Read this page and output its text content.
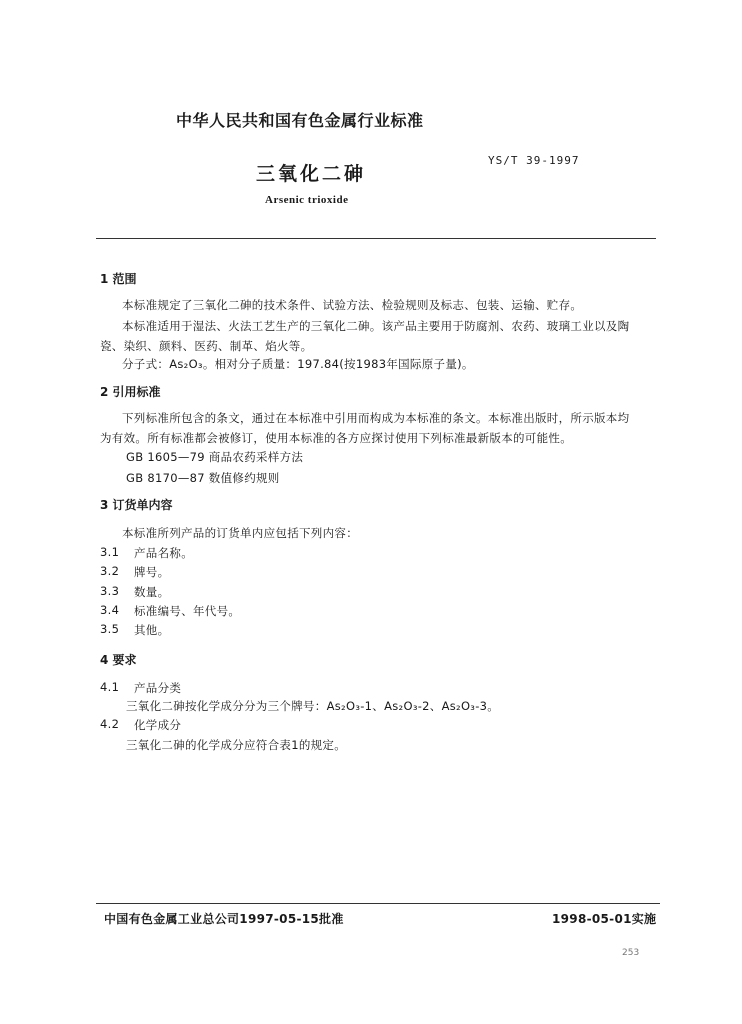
中华人民共和国有色金属行业标准
三氧化二砷
YS/T 39-1997
Arsenic trioxide
1 范围
本标准规定了三氧化二砷的技术条件、试验方法、检验规则及标志、包装、运输、贮存。
本标准适用于湿法、火法工艺生产的三氧化二砷。该产品主要用于防腐剂、农药、玻璃工业以及陶
瓷、染织、颜料、医药、制革、焰火等。
分子式：As₂O₃。相对分子质量：197.84(按1983年国际原子量)。
2 引用标准
下列标准所包含的条文，通过在本标准中引用而构成为本标准的条文。本标准出版时，所示版本均
为有效。所有标准都会被修订，使用本标准的各方应探讨使用下列标准最新版本的可能性。
GB 1605—79 商品农药采样方法
GB 8170—87 数值修约规则
3 订货单内容
本标准所列产品的订货单内应包括下列内容：
3.1 产品名称。
3.2 牌号。
3.3 数量。
3.4 标准编号、年代号。
3.5 其他。
4 要求
4.1 产品分类
三氧化二砷按化学成分分为三个牌号：As₂O₃-1、As₂O₃-2、As₂O₃-3。
4.2 化学成分
三氧化二砷的化学成分应符合表1的规定。
中国有色金属工业总公司1997-05-15批准	1998-05-01实施
253
